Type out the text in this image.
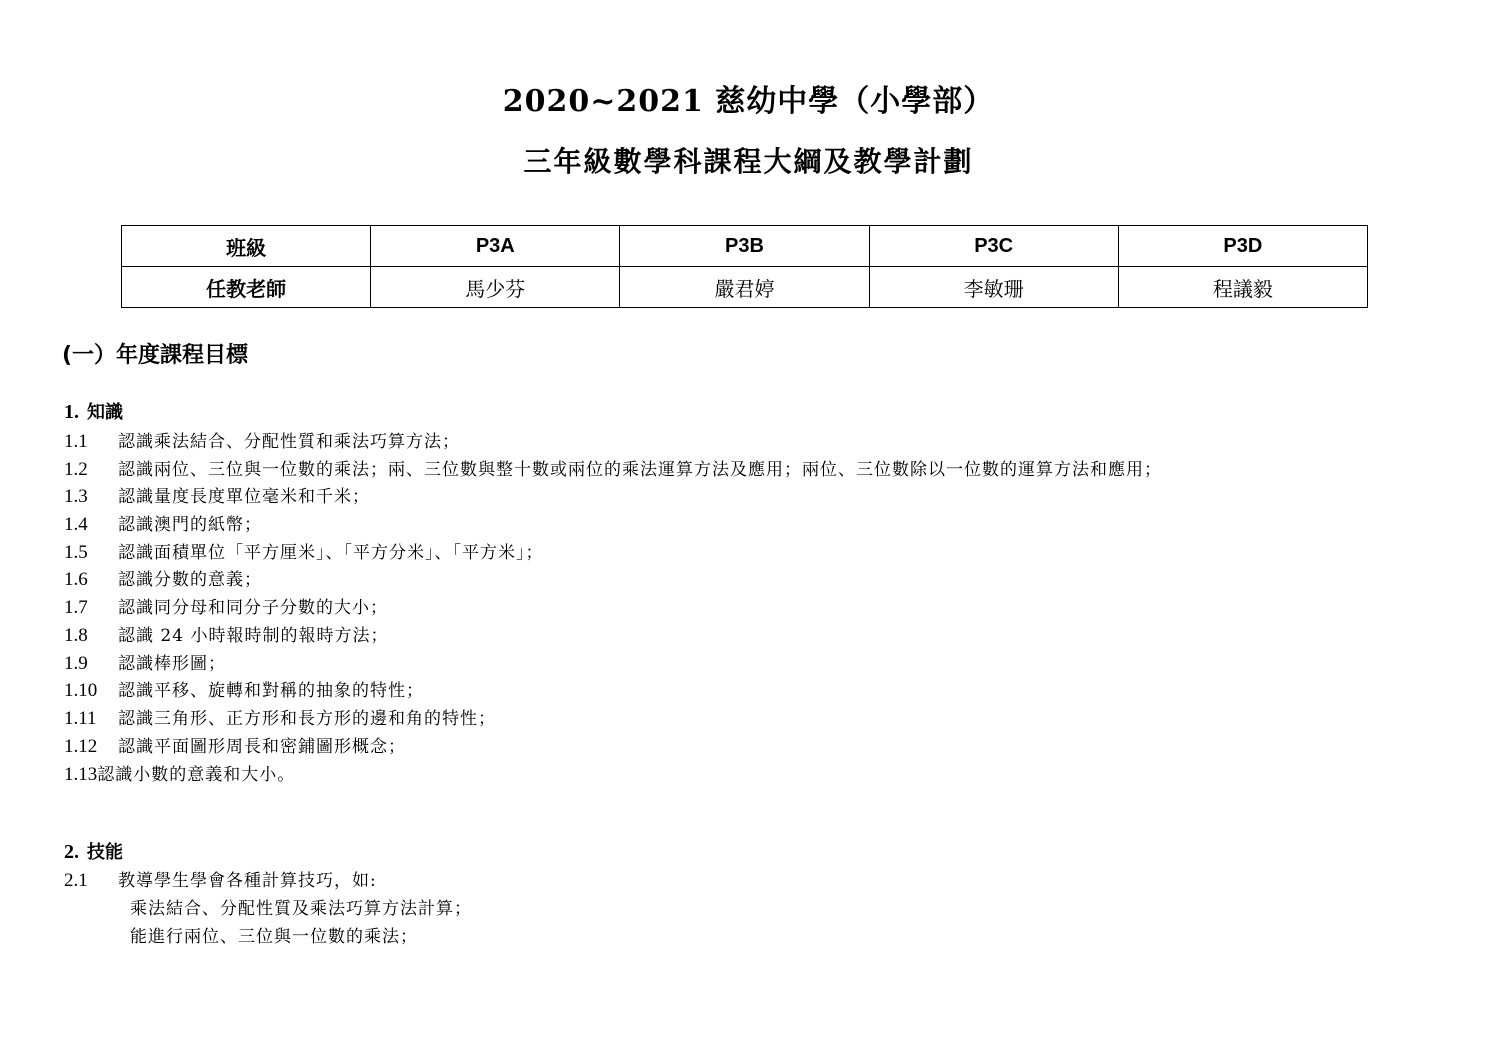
2020~2021 慈幼中學（小學部）
三年級數學科課程大綱及教學計劃
班級	P3A	P3B	P3C	P3D
任教老師	馬少芬	嚴君婷	李敏珊	程議毅
(一）年度課程目標
1. 知識
1.1 認識乘法結合、分配性質和乘法巧算方法；
1.2 認識兩位、三位與一位數的乘法；兩、三位數與整十數或兩位的乘法運算方法及應用；兩位、三位數除以一位數的運算方法和應用；
1.3 認識量度長度單位毫米和千米；
1.4 認識澳門的紙幣；
1.5 認識面積單位「平方厘米」、「平方分米」、「平方米」；
1.6 認識分數的意義；
1.7 認識同分母和同分子分數的大小；
1.8 認識 24 小時報時制的報時方法；
1.9 認識棒形圖；
1.10 認識平移、旋轉和對稱的抽象的特性；
1.11 認識三角形、正方形和長方形的邊和角的特性；
1.12 認識平面圖形周長和密鋪圖形概念；
1.13認識小數的意義和大小。
2. 技能
2.1 教導學生學會各種計算技巧，如:
乘法結合、分配性質及乘法巧算方法計算；
能進行兩位、三位與一位數的乘法；
